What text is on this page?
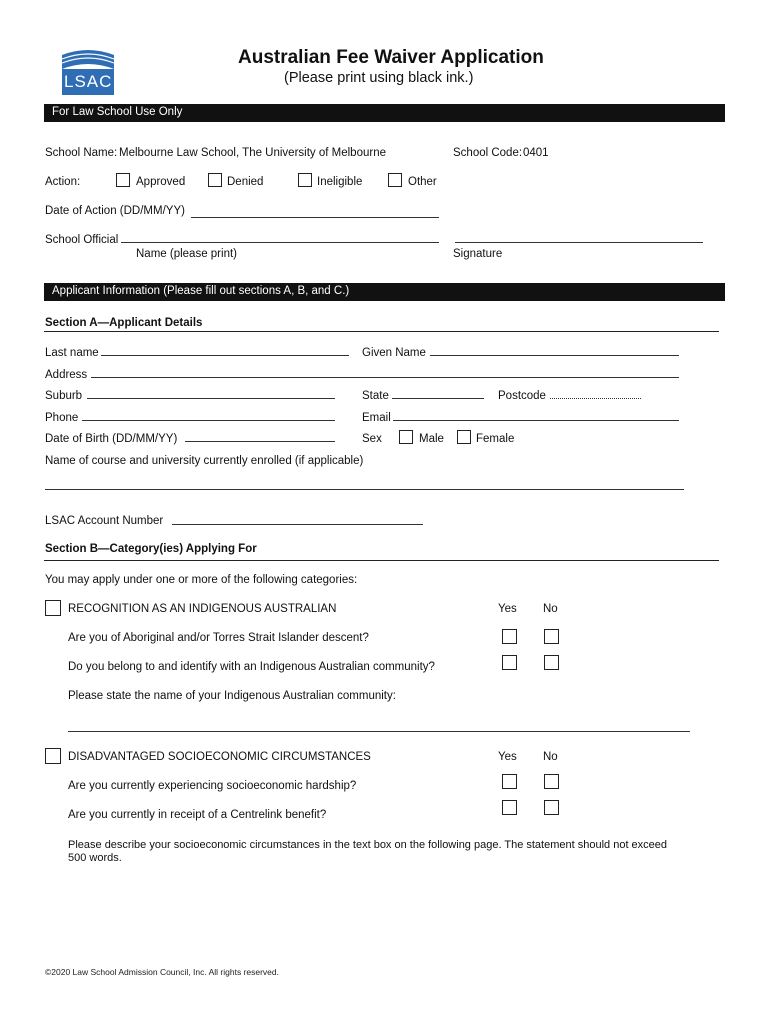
LSAC
Australian Fee Waiver Application
(Please print using black ink.)
For Law School Use Only
School Name: Melbourne Law School, The University of Melbourne	School Code: 0401
Action:	Approved	Denied	Ineligible	Other
Date of Action (DD/MM/YY)
School Official
Name (please print)	Signature
Applicant Information (Please fill out sections A, B, and C.)
Section A—Applicant Details
Last name	Given Name
Address
Suburb	State	Postcode
Phone	Email
Date of Birth (DD/MM/YY)	Sex	Male	Female
Name of course and university currently enrolled (if applicable)
LSAC Account Number
Section B—Category(ies) Applying For
You may apply under one or more of the following categories:
RECOGNITION AS AN INDIGENOUS AUSTRALIAN	Yes No
Are you of Aboriginal and/or Torres Strait Islander descent?
Do you belong to and identify with an Indigenous Australian community?
Please state the name of your Indigenous Australian community:
DISADVANTAGED SOCIOECONOMIC CIRCUMSTANCES	Yes No
Are you currently experiencing socioeconomic hardship?
Are you currently in receipt of a Centrelink benefit?
Please describe your socioeconomic circumstances in the text box on the following page. The statement should not exceed
500 words.
©2020 Law School Admission Council, Inc. All rights reserved.
